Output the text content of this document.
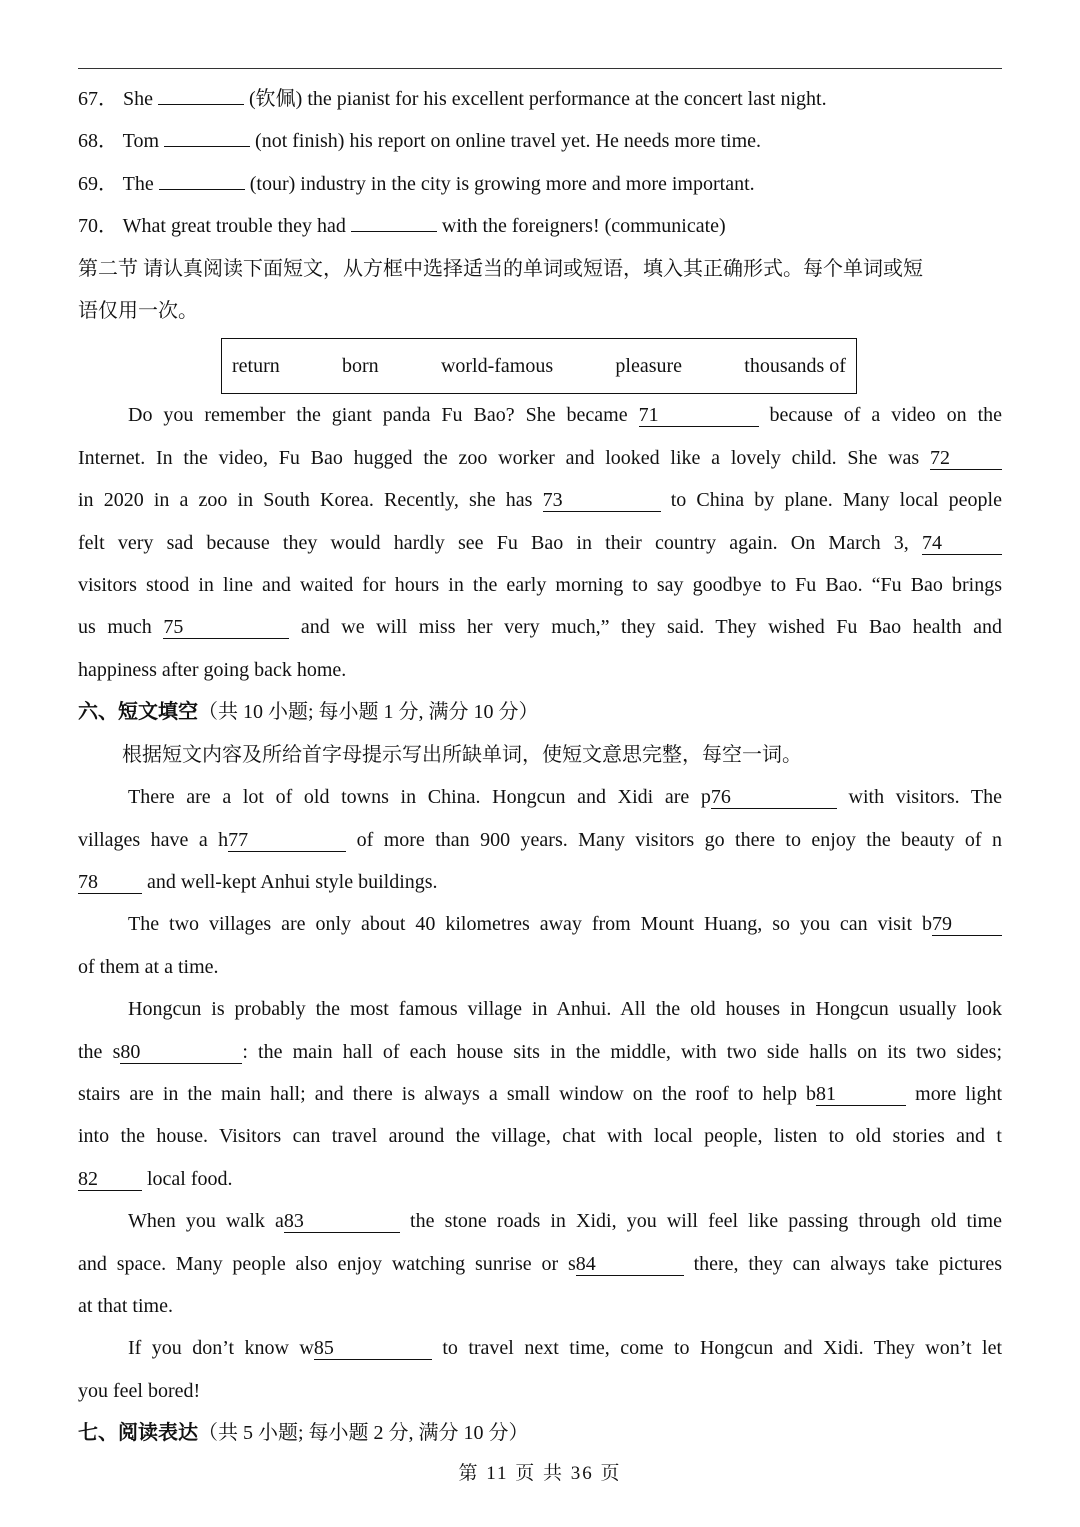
67． She	(钦佩) the pianist for his excellent performance at the concert last night.
68． Tom	(not finish) his report on online travel yet. He needs more time.
69． The	(tour) industry in the city is growing more and more important.
70． What great trouble they had	with the foreigners! (communicate)
第二节 请认真阅读下面短文，从方框中选择适当的单词或短语，填入其正确形式。每个单词或短
语仅用一次。
return	born	world-famous	pleasure	thousands of
Do you remember the giant panda Fu Bao? She became 71	because of a video on the
Internet. In the video, Fu Bao hugged the zoo worker and looked like a lovely child. She was 72
in 2020 in a zoo in South Korea. Recently, she has 73	to China by plane. Many local people
felt very sad because they would hardly see Fu Bao in their country again. On March 3, 74
visitors stood in line and waited for hours in the early morning to say goodbye to Fu Bao. “Fu Bao brings
us much 75	and we will miss her very much,” they said. They wished Fu Bao health and
happiness after going back home.
六、短文填空（共 10 小题; 每小题 1 分, 满分 10 分）
根据短文内容及所给首字母提示写出所缺单词，使短文意思完整，每空一词。
There are a lot of old towns in China. Hongcun and Xidi are p76	with visitors. The
villages have a h77	of more than 900 years. Many visitors go there to enjoy the beauty of n
78 and well-kept Anhui style buildings.
The two villages are only about 40 kilometres away from Mount Huang, so you can visit b79
of them at a time.
Hongcun is probably the most famous village in Anhui. All the old houses in Hongcun usually look
the s80	: the main hall of each house sits in the middle, with two side halls on its two sides;
stairs are in the main hall; and there is always a small window on the roof to help b81	more light
into the house. Visitors can travel around the village, chat with local people, listen to old stories and t
82 local food.
When you walk a83	the stone roads in Xidi, you will feel like passing through old time
and space. Many people also enjoy watching sunrise or s84	there, they can always take pictures
at that time.
If you don’t know w85	to travel next time, come to Hongcun and Xidi. They won’t let
you feel bored!
七、阅读表达（共 5 小题; 每小题 2 分, 满分 10 分）
第 11 页 共 36 页
